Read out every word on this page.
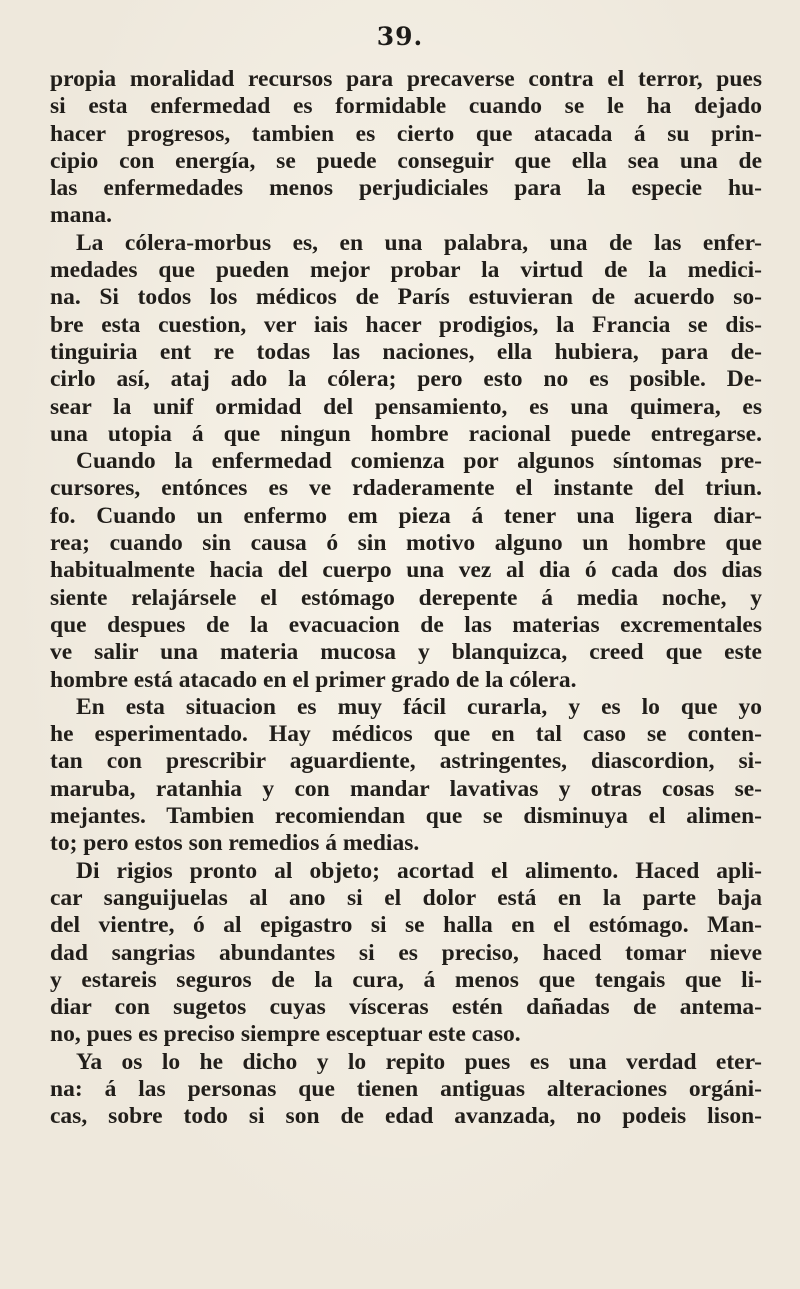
39.
propia moralidad recursos para precaverse contra el terror, pues
si esta enfermedad es formidable cuando se le ha dejado
hacer progresos, tambien es cierto que atacada á su prin-
cipio con energía, se puede conseguir que ella sea una de
las enfermedades menos perjudiciales para la especie hu-
mana.
La cólera-morbus es, en una palabra, una de las enfer-
medades que pueden mejor probar la virtud de la medici-
na. Si todos los médicos de París estuvieran de acuerdo so-
bre esta cuestion, ver iais hacer prodigios, la Francia se dis-
tinguiria ent re todas las naciones, ella hubiera, para de-
cirlo así, ataj ado la cólera; pero esto no es posible. De-
sear la unif ormidad del pensamiento, es una quimera, es
una utopia á que ningun hombre racional puede entregarse.
Cuando la enfermedad comienza por algunos síntomas pre-
cursores, entónces es ve rdaderamente el instante del triun.
fo. Cuando un enfermo em pieza á tener una ligera diar-
rea; cuando sin causa ó sin motivo alguno un hombre que
habitualmente hacia del cuerpo una vez al dia ó cada dos dias
siente relajársele el estómago derepente á media noche, y
que despues de la evacuacion de las materias excrementales
ve salir una materia mucosa y blanquizca, creed que este
hombre está atacado en el primer grado de la cólera.
En esta situacion es muy fácil curarla, y es lo que yo
he esperimentado. Hay médicos que en tal caso se conten-
tan con prescribir aguardiente, astringentes, diascordion, si-
maruba, ratanhia y con mandar lavativas y otras cosas se-
mejantes. Tambien recomiendan que se disminuya el alimen-
to; pero estos son remedios á medias.
Di rigios pronto al objeto; acortad el alimento. Haced apli-
car sanguijuelas al ano si el dolor está en la parte baja
del vientre, ó al epigastro si se halla en el estómago. Man-
dad sangrias abundantes si es preciso, haced tomar nieve
y estareis seguros de la cura, á menos que tengais que li-
diar con sugetos cuyas vísceras estén dañadas de antema-
no, pues es preciso siempre esceptuar este caso.
Ya os lo he dicho y lo repito pues es una verdad eter-
na: á las personas que tienen antiguas alteraciones orgáni-
cas, sobre todo si son de edad avanzada, no podeis lison-
